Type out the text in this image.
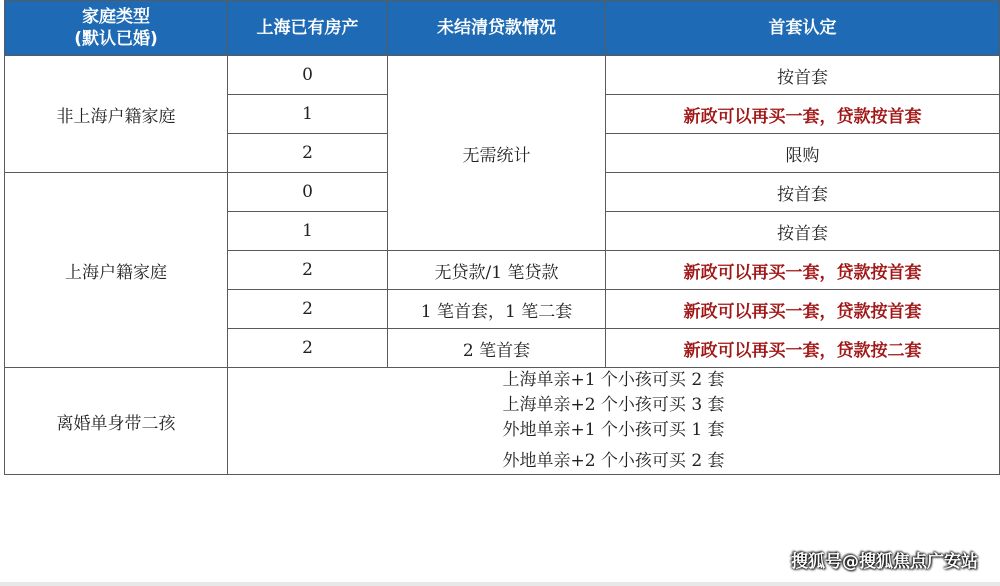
家庭类型
(默认已婚)	上海已有房产	未结清贷款情况	首套认定
非上海户籍家庭	0	无需统计	按首套
	1		新政可以再买一套，贷款按首套
	2		限购
上海户籍家庭	0		按首套
	1		按首套
	2	无贷款/1 笔贷款	新政可以再买一套，贷款按首套
	2	1 笔首套，1 笔二套	新政可以再买一套，贷款按首套
	2	2 笔首套	新政可以再买一套，贷款按二套
离婚单身带二孩	上海单亲+1 个小孩可买 2 套
上海单亲+2 个小孩可买 3 套
外地单亲+1 个小孩可买 1 套
外地单亲+2 个小孩可买 2 套		
搜狐号@搜狐焦点广安站
